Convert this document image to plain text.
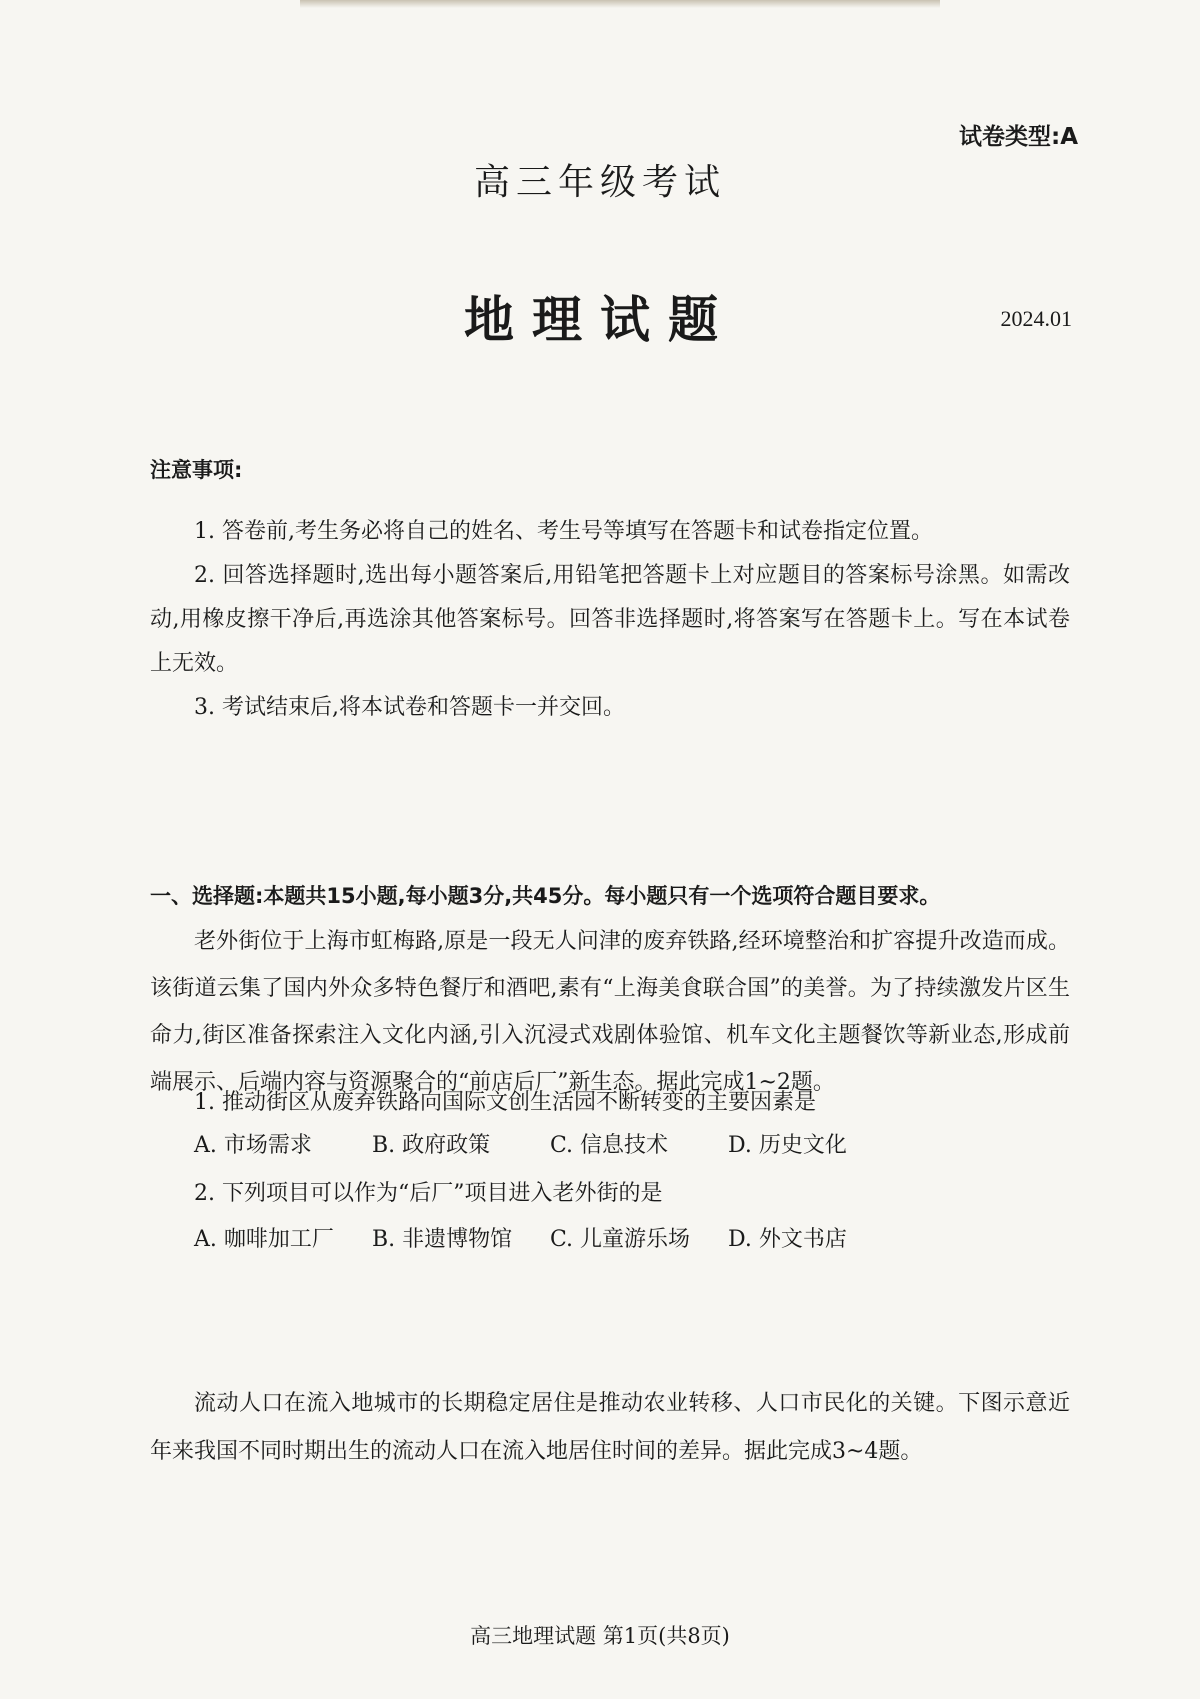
试卷类型:A
高三年级考试
地理试题	2024.01
注意事项:

1. 答卷前,考生务必将自己的姓名、考生号等填写在答题卡和试卷指定位置。

2. 回答选择题时,选出每小题答案后,用铅笔把答题卡上对应题目的答案标号涂黑。如需改动,用橡皮擦干净后,再选涂其他答案标号。回答非选择题时,将答案写在答题卡上。写在本试卷上无效。

3. 考试结束后,将本试卷和答题卡一并交回。

一、选择题:本题共15小题,每小题3分,共45分。每小题只有一个选项符合题目要求。

老外街位于上海市虹梅路,原是一段无人问津的废弃铁路,经环境整治和扩容提升改造而成。该街道云集了国内外众多特色餐厅和酒吧,素有“上海美食联合国”的美誉。为了持续激发片区生命力,街区准备探索注入文化内涵,引入沉浸式戏剧体验馆、机车文化主题餐饮等新业态,形成前端展示、后端内容与资源聚合的“前店后厂”新生态。据此完成1~2题。

1. 推动街区从废弃铁路向国际文创生活园不断转变的主要因素是
A. 市场需求	B. 政府政策	C. 信息技术	D. 历史文化
2. 下列项目可以作为“后厂”项目进入老外街的是
A. 咖啡加工厂 B. 非遗博物馆 C. 儿童游乐场 D. 外文书店

流动人口在流入地城市的长期稳定居住是推动农业转移、人口市民化的关键。下图示意近年来我国不同时期出生的流动人口在流入地居住时间的差异。据此完成3~4题。

高三地理试题 第1页(共8页)
